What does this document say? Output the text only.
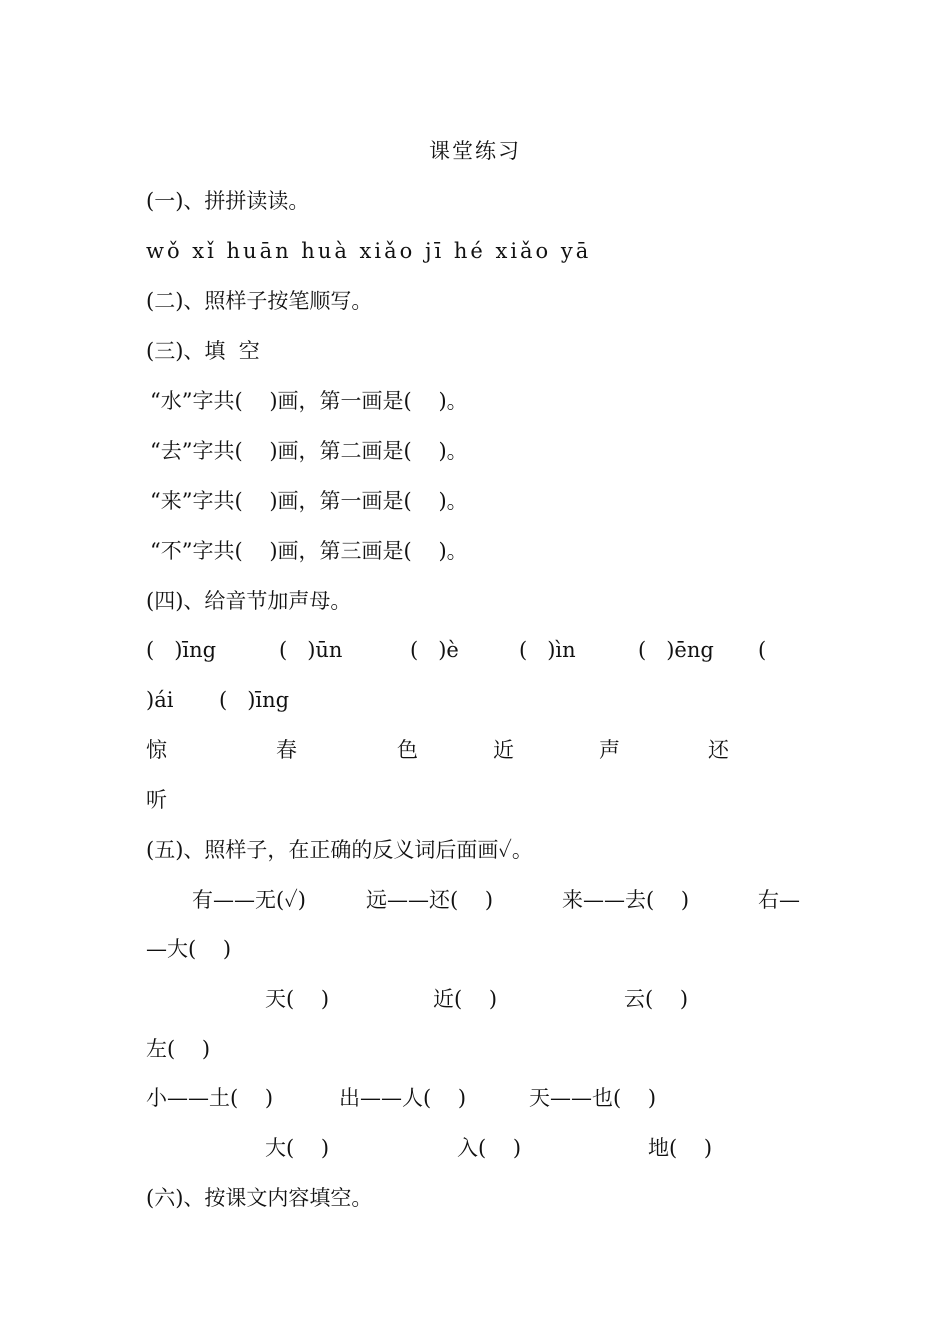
课堂练习
(一)、拼拼读读。
wǒ xǐ huān huà xiǎo jī hé xiǎo yā
(二)、照样子按笔顺写。
(三)、填  空
“水”字共(    )画，第一画是(    )。
“去”字共(    )画，第二画是(    )。
“来”字共(    )画，第一画是(    )。
“不”字共(    )画，第三画是(    )。
(四)、给音节加声母。
(   )īng	(   )ūn	(   )è	(   )ìn	(   )ēng (
)ái (   )īng
惊	春	色	近	声	还
听
(五)、照样子，在正确的反义词后面画✓。
有——无(✓)	远——还(    )	来——去(    )	右—
—大(    )
天(    )	近(    )	云(    )
左(    )
小——土(    )	出——人(    )	天——也(    )
大(    )	入(    )	地(    )
(六)、按课文内容填空。
